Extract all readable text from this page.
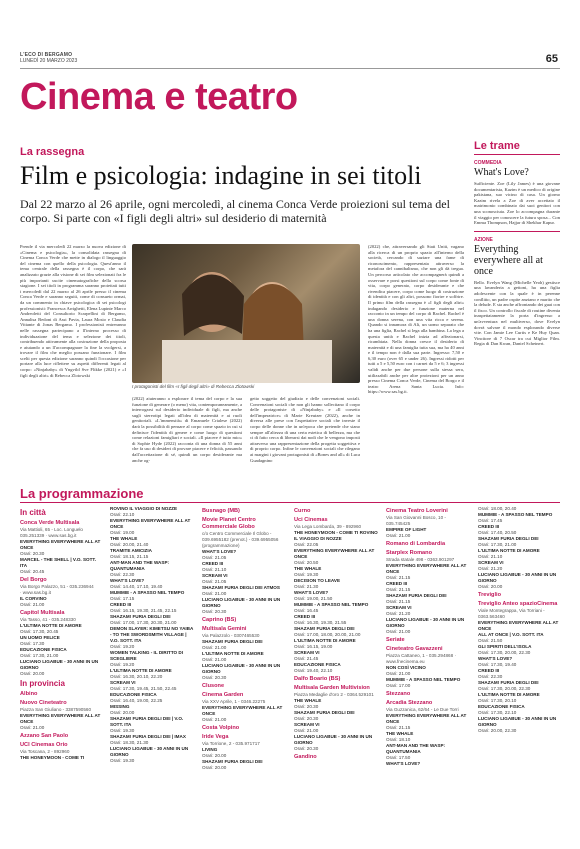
L'ECO DI BERGAMO
LUNEDÌ 20 MARZO 2023	65
Cinema e teatro
La rassegna
Film e psicologia: indagine in sei titoli
Dal 22 marzo al 26 aprile, ogni mercoledì, al cinema Conca Verde proiezioni sul tema del corpo. Si parte con «I figli degli altri» sul desiderio di maternità
Prende il via mercoledì 22 marzo la nuova edizione di «Cinema e psicologia», la consolidata rassegna di Cinema Conca Verde che mette in dialogo il linguaggio del cinema con quello della psicologia. Quest'anno il tema centrale della rassegna è il corpo, che sarà analizzato grazie alla visione di sei film selezionati fra le più importanti uscite cinematografiche della scorsa stagione. I sei titoli in programma saranno proiettati tutti i mercoledì dal 22 marzo al 26 aprile presso il cinema Conca Verde e saranno seguiti, come di consueto ormai, da un commento in chiave psicologica di sei psicologi professionisti: Francesca Arrighetti, Elena Lupinte Marco Andreoletti del Consultorio Scarpellini di Bergamo, Annalisa Bedoni di Asst Pavia, Laura Mosio e Claudia Vittante di Jonas Bergamo. I professionisti entreranno nelle rassegna partecipano a ll'interno processo di individuazione del tema e selezione dei titoli, contribuendo attivamente alla costruzione della proposta e aiutando a un ll'accompagnare la fine la svolgersi, a trovare il film che meglio possano funzionare. I film scelti per questa edizione saranno quindi l'occasione per portare alla luce riflettere su aspetti differenti legati al corpo: «Ninjababy» di Yngvild Sve Flikke (2021) e «I figli degli altri» di Rebecca Zlotowski
I protagonisti del film «I figli degli altri» di Rebecca Zlotowski
(2022) aiuteranno a esplorare il tema del corpo e la sua funzione di generare (o meno) vita, contemporaneamente, a interrogarsi sul desiderio individuale di figli, ma anche sugli stereotipi legati all'idea di maternità e ai ruoli genitoriali. «L'immensità» di Emanuele Crialese (2022) darà la possibilità di pensare al corpo come spazio in cui si definisce l'identità di genere e come luogo di questioni come relazioni famigliari e sociali. «Il piacere è tutto mio» di Sophie Hyde (2022) racconta di una donna di 55 anni che fa uso di desideri di provare piacere e felicità, passando dall'accettazione di sé, quindi un corpo desiderante ma anche og-
getto soggetto del giudizio e delle convenzioni sociali. Convenzioni sociali che non gli hanno sollecitano il corpo delle protagoniste di «Ninjababy» e «Il corsetto dell'imperatrice» di Marie Kreutzer (2022), anche in diversa alle prese con l'aspettative sociali che investe il corpo delle donne che in un'epoca che pretende che siano sempre all'altezza di una certa estetica di bellezza, ma che ci di fatto cerca di liberarsi dai nodi che le vengono imposti attraverso una rappresentazione della progetta soggettiva e di proprio corpo. Infine le convenzioni sociali che rilegano ai margini i giovani protagonisti di «Bones and all» di Luca Guadagnino
(2022) che, attraversando gli Stati Uniti, vagano alla ricerca di un proprio spazio all'interno della società, cercando di saziare una fame di riconoscimento, rappresentata attraverso la metafora del cannibalismo, che non gli dà tregua. Un percorso articolato che accompagnerà quindi a osservare e porsi questioni sul corpo come fonte di vita, corpo generato, corpo desiderante e che rivendica piacere, corpo come luogo di costruzione di identità e con gli altri, possono fiorire e soffrire. Il primo film della rassegna è «I figli degli altri» indagando desiderio e funzione materna nel racconto in un tempo del corpo di Rachel. Rachel è una donna serena, con una vita ricca e serena. Quando si innamora di Ali, un uomo separato che ha una figlia, Rachel si lega alla bambina. La lega a questa unità e Rachel inizia ad affezionarsi, ricambiata. Nella donna cresce il desiderio di maternità e di una famiglia tutta sua, ma ha 40 anni e il tempo non è dalla sua parte. Ingresso: 7,50 e 6,30 euro (over 65 e under 26). Ingressi ridotti per tutti a 5 e 5,50 euro con i carnet da 5 e 6; 3 ingressi validi anche per due persone sulla stessa sera, utilizzabili anche per altre proiezioni per un anno presso Cinema Conca Verde, Cinema del Borgo e il teatro Arena Santa Lucia. Info: https://www.sas.bg.it.
Le trame
COMMEDIA
What's Love?
Sufficiente. Zoe (Lily James) è una giovane documentarista, Kazim è un medico di origine pakistana, suo vicino di casa. Un giorno Kazim rivela a Zoe di aver accettato il matrimonio combinato dai suoi genitori con una sconosciuta. Zoe lo accompagna durante il viaggio per conoscere la futura sposa... Con Emma Thompson, Hajjar di Shekhar Kapur.
AZIONE
Everything everywhere all at once
Bello. Evelyn Wang (Michelle Yeoh) gestisce una lavanderia a gettoni, ha una figlia adolescente con la quale è in perenne conflitto, un padre ospite anziano e marito che la delude. E sta anche affrontando dei guai con il fisco. Un controllo fiscale di routine diventa inaspettatamente la porta d'ingresso a un'avventura nel multiverso, dove Evelyn dovrà salvare il mondo esplorando diverse vite. Con Jamie Lee Curtis e Ke Huy Quan. Vincitore di 7 Oscar tra cui Miglior Film. Regia di Dan Kwan, Daniel Scheinert.
La programmazione
In città
Conca Verde Multisala
Via Mattioli, 65 - Loc. Longuelo
035.251339 · www.sas.bg.it
EVERYTHING EVERYWHERE ALL AT ONCE
Orari: 20.30
MARCEL - THE SHELL | V.O. SOTT. ITA
Orari: 20.45
Del Borgo
Via Borgo Palazzo, 51 - 035.236944
· www.sas.bg.it
IL CORVINO
Orari: 21.00
Capitol Multisala
Via Tasso, 41 - 035.248330
L'ULTIMA NOTTE DI AMORE
Orari: 17.30, 20.45
UN UOMO FELICE
Orari: 17.30
EDUCAZIONE FISICA
Orari: 17.30, 21.00
LUCIANO LIGABUE - 30 ANNI IN UN GIORNO
Orari: 20.00
In provincia
Albino
Nuovo Cineteatro
Piazza San Giuliano - 3387590560
EVERYTHING EVERYWHERE ALL AT ONCE
Orari: 21.00
Azzano San Paolo
UCI Cinemas Orio
Via Toscana, 2 - 892960
THE HONEYMOON - COME TI
ROVINO IL VIAGGIO DI NOZZE
Orari: 22.10
EVERYTHING EVERYWHERE ALL AT ONCE
Orari: 19.00
THE WHALE
Orari: 20.00, 21.40
TRAMITE AMICIZIA
Orari: 18.15, 21.15
ANT-MAN AND THE WASP: QUANTUMANIA
Orari: 22.30
WHAT'S LOVE?
Orari: 14.40, 17.10, 19.40
MUMMIE - A SPASSO NEL TEMPO
Orari: 17.15
CREED III
Orari: 16.15, 19.30, 21.45, 22.15
SHAZAM! FURIA DEGLI DEI
Orari: 17.00, 17.30, 20.30, 21.00
DEMON SLAYER: KIMETSU NO YAIBA - TO THE SWORDSMITH VILLAGE | V.O. SOTT. ITA
Orari: 19.20
WOMEN TALKING - IL DIRITTO DI SCEGLIERE
Orari: 19.20
L'ULTIMA NOTTE DI AMORE
Orari: 16.30, 20.10, 22.20
SCREAM VI
Orari: 17.30, 19.45, 21.50, 22.45
EDUCAZIONE FISICA
Orari: 16.40, 19.00, 22.25
MISSING
Orari: 20.00
SHAZAM! FURIA DEGLI DEI | V.O. SOTT. ITA
Orari: 19.30
SHAZAM! FURIA DEGLI DEI | IMAX
Orari: 18.30, 21.30
LUCIANO LIGABUE - 30 ANNI IN UN GIORNO
Orari: 19.30
Busnago (MB)
Movie Planet Centro Commerciale Globo
c/o Centro Commerciale Il Globo - 039.6955182 (prenot.) - 039.6955056 (programmazione)
WHAT'S LOVE?
Orari: 21.05
CREED III
Orari: 21.10
SCREAM VI
Orari: 21.05
SHAZAM! FURIA DEGLI DEI ATMOS
Orari: 21.00
LUCIANO LIGABUE - 30 ANNI IN UN GIORNO
Orari: 20.30
Caprino (BS)
Multisala Gemini
Via Palazzolo - 0307465530
SHAZAM! FURIA DEGLI DEI
Orari: 21.00
L'ULTIMA NOTTE DI AMORE
Orari: 21.00
LUCIANO LIGABUE - 30 ANNI IN UN GIORNO
Orari: 20.30
Clusone
Cinema Garden
Via XXV Aprile, 1 - 0346.22275
EVERYTHING EVERYWHERE ALL AT ONCE
Orari: 21.00
Costa Volpino
Iride Vega
Via Torrione, 2 - 035.971717
LIVING
Orari: 20.00
SHAZAM! FURIA DEGLI DEI
Orari: 20.00
Curno
Uci Cinemas
Via Lega Lombarda, 39 - 892960
THE HONEYMOON - COME TI ROVINO IL VIAGGIO DI NOZZE
Orari: 22.05
EVERYTHING EVERYWHERE ALL AT ONCE
Orari: 20.50
THE WHALE
Orari: 19.30
DECISION TO LEAVE
Orari: 21.30
WHAT'S LOVE?
Orari: 19.00, 21.50
MUMMIE - A SPASSO NEL TEMPO
Orari: 16.45
CREED III
Orari: 16.30, 19.30, 21.55
SHAZAM! FURIA DEGLI DEI
Orari: 17.00, 18.00, 20.00, 21.00
L'ULTIMA NOTTE DI AMORE
Orari: 16.15, 19.00
SCREAM VI
Orari: 21.45
EDUCAZIONE FISICA
Orari: 19.40, 22.10
Dalfo Boario (BS)
Multisala Garden Multivision
Piazza Medaglie d'oro 2 - 0364.529101
THE WHALE
Orari: 20.30
SHAZAM! FURIA DEGLI DEI
Orari: 20.30
SCREAM VI
Orari: 21.00
LUCIANO LIGABUE - 30 ANNI IN UN GIORNO
Orari: 20.30
Gandino
Cinema Teatro Loverini
Via San Giovanni Bosco, 10 - 035.745425
EMPIRE OF LIGHT
Orari: 21.00
Romano di Lombardia
Starplex Romano
Strada statale 498 - 0363.901297
EVERYTHING EVERYWHERE ALL AT ONCE
Orari: 21.15
CREED III
Orari: 21.15
SHAZAM! FURIA DEGLI DEI
Orari: 21.15
SCREAM VI
Orari: 21.20
LUCIANO LIGABUE - 30 ANNI IN UN GIORNO
Orari: 21.00
Seriate
Cineteatro Gavazzeni
Piazza Cattaneo, 1 - 035.294868 · www.fnecinema.eu
NON COSÌ VICINO
Orari: 21.00
MUMMIE - A SPASSO NEL TEMPO
Orari: 17.00
Stezzano
Arcadia Stezzano
Via Guzzanica, 62/64 - Le Due Torri
EVERYTHING EVERYWHERE ALL AT ONCE
Orari: 21.15
THE WHALE
Orari: 18.10
ANT-MAN AND THE WASP: QUANTUMANIA
Orari: 17.50
WHAT'S LOVE?
Orari: 18.00, 20.40
MUMMIE - A SPASSO NEL TEMPO
Orari: 17.45
CREED III
Orari: 17.40, 20.50
SHAZAM! FURIA DEGLI DEI
Orari: 17.30, 21.00
L'ULTIMA NOTTE DI AMORE
Orari: 21.10
SCREAM VI
Orari: 21.20
LUCIANO LIGABUE - 30 ANNI IN UN GIORNO
Orari: 20.00
Treviglio
Treviglio Anteo spazioCinema
Viale Montegrappa, Via Torriani - 0363.563460
EVERYTHING EVERYWHERE ALL AT ONCE
ALL AT ONCE | V.O. SOTT. ITA
Orari: 21.50
GLI SPIRITI DELL'ISOLA
Orari: 17.30, 20.00, 22.30
WHAT'S LOVE?
Orari: 17.30, 19.40
CREED III
Orari: 22.30
SHAZAM! FURIA DEGLI DEI
Orari: 17.30, 20.00, 22.30
L'ULTIMA NOTTE DI AMORE
Orari: 17.30, 20.10
EDUCAZIONE FISICA
Orari: 17.30, 22.10
LUCIANO LIGABUE - 30 ANNI IN UN GIORNO
Orari: 20.00, 22.30
